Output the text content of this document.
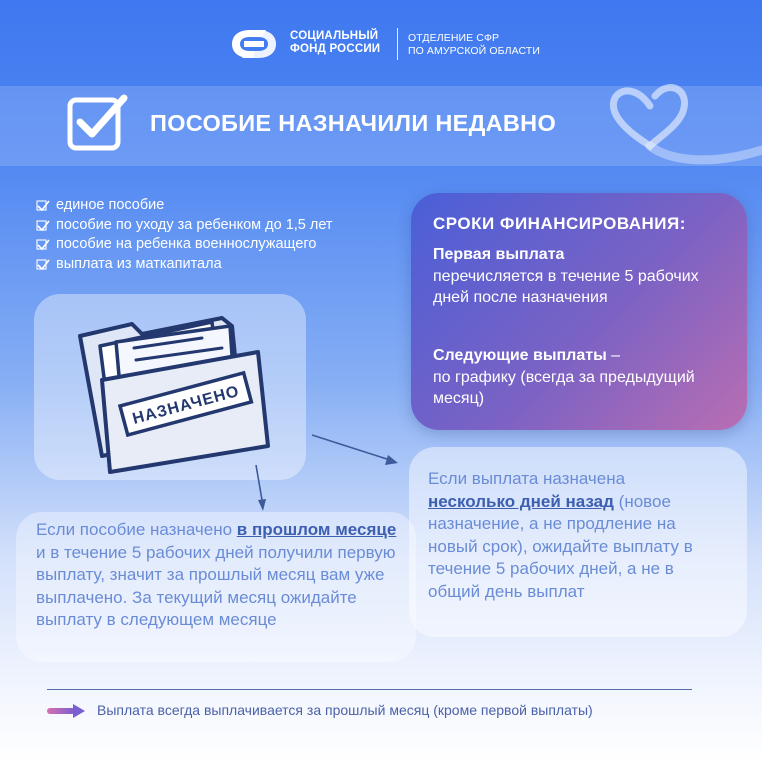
СОЦИАЛЬНЫЙ
ФОНД РОССИИ
ОТДЕЛЕНИЕ СФР
ПО АМУРСКОЙ ОБЛАСТИ
ПОСОБИЕ НАЗНАЧИЛИ НЕДАВНО
единое пособие
пособие по уходу за ребенком до 1,5 лет
пособие на ребенка военнослужащего
выплата из маткапитала
СРОКИ ФИНАНСИРОВАНИЯ:
Первая выплата
перечисляется в течение 5 рабочих дней после назначения
Следующие выплаты –
по графику (всегда за предыдущий месяц)
НАЗНАЧЕНО
Если пособие назначено в прошлом месяце и в течение 5 рабочих дней получили первую выплату, значит за прошлый месяц вам уже выплачено. За текущий месяц ожидайте выплату в следующем месяце
Если выплата назначена
несколько дней назад (новое назначение, а не продление на новый срок), ожидайте выплату в течение 5 рабочих дней, а не в общий день выплат
Выплата всегда выплачивается за прошлый месяц (кроме первой выплаты)
